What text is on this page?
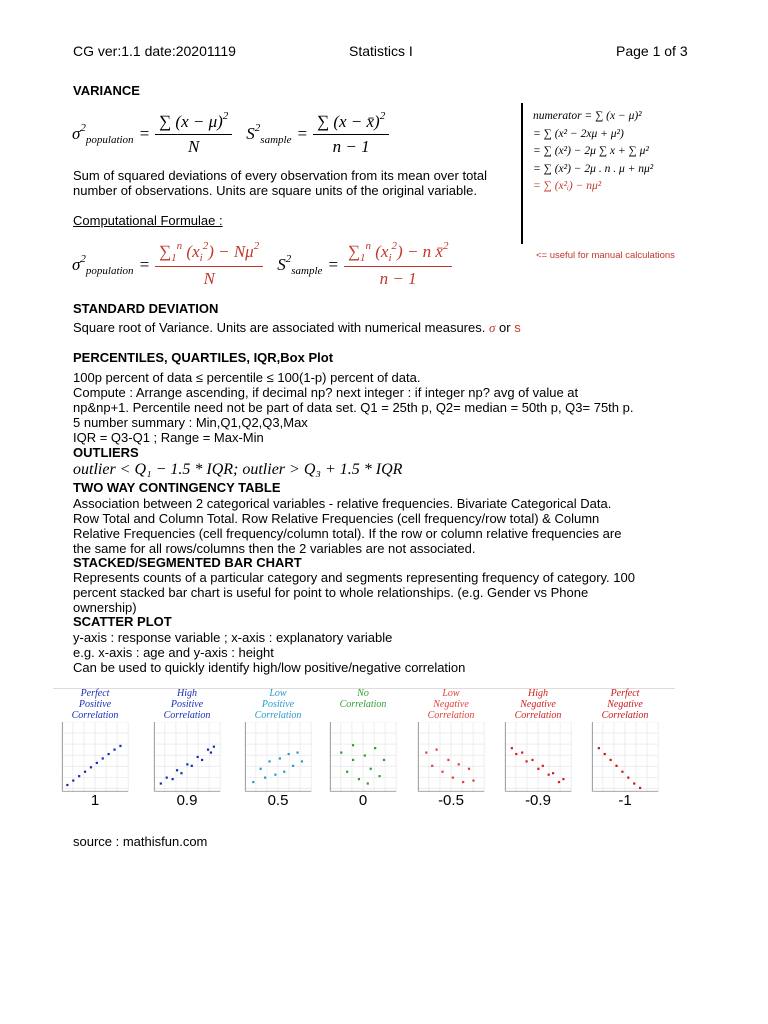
CG ver:1.1 date:20201119	Statistics I	Page 1 of 3
VARIANCE
$\sigma^2_{population} = \frac{\sum (x - \mu)^2}{N} S^2_{sample} = \frac{\sum (x - x̄)^2}{n - 1}$
Sum of squared deviations of every observation from its mean over total number of observations. Units are square units of the original variable.
Computational Formulae :
$\sigma^2_{population} = \frac{\sum_1^n (x_i^2) - N\mu^2}{N} S^2_{sample} = \frac{\sum_1^n (x_i^2) - n x̄^2}{n - 1}$
numerator = ∑ (x − μ)²
= ∑ (x² − 2xμ + μ²)
= ∑ (x²) − 2μ ∑ x + ∑ μ²
= ∑ (x²) − 2μ . n . μ + nμ²
= ∑ (x²ᵢ) − nμ²
<= useful for manual calculations
STANDARD DEVIATION
Square root of Variance. Units are associated with numerical measures. σ or s
PERCENTILES, QUARTILES, IQR,Box Plot
100p percent of data ≤ percentile ≤ 100(1-p) percent of data.
Compute : Arrange ascending, if decimal np? next integer : if integer np? avg of value at
np&np+1. Percentile need not be part of data set. Q1 = 25th p, Q2= median = 50th p, Q3= 75th p.
5 number summary : Min,Q1,Q2,Q3,Max
IQR = Q3-Q1 ; Range = Max-Min
OUTLIERS
outlier < Q₁ − 1.5 * IQR; outlier > Q₃ + 1.5 * IQR
TWO WAY CONTINGENCY TABLE
Association between 2 categorical variables - relative frequencies. Bivariate Categorical Data.
Row Total and Column Total. Row Relative Frequencies (cell frequency/row total) & Column
Relative Frequencies (cell frequency/column total). If the row or column relative frequencies are
the same for all rows/columns then the 2 variables are not associated.
STACKED/SEGMENTED BAR CHART
Represents counts of a particular category and segments representing frequency of category. 100
percent stacked bar chart is useful for point to whole relationships. (e.g. Gender vs Phone
ownership)
SCATTER PLOT
y-axis : response variable ; x-axis : explanatory variable
e.g. x-axis : age and y-axis : height
Can be used to quickly identify high/low positive/negative correlation
Perfect
Positive
Correlation
1
High
Positive
Correlation
0.9
Low
Positive
Correlation
0.5
No
Correlation
0
Low
Negative
Correlation
-0.5
High
Negative
Correlation
-0.9
Perfect
Negative
Correlation
-1
source : mathisfun.com
